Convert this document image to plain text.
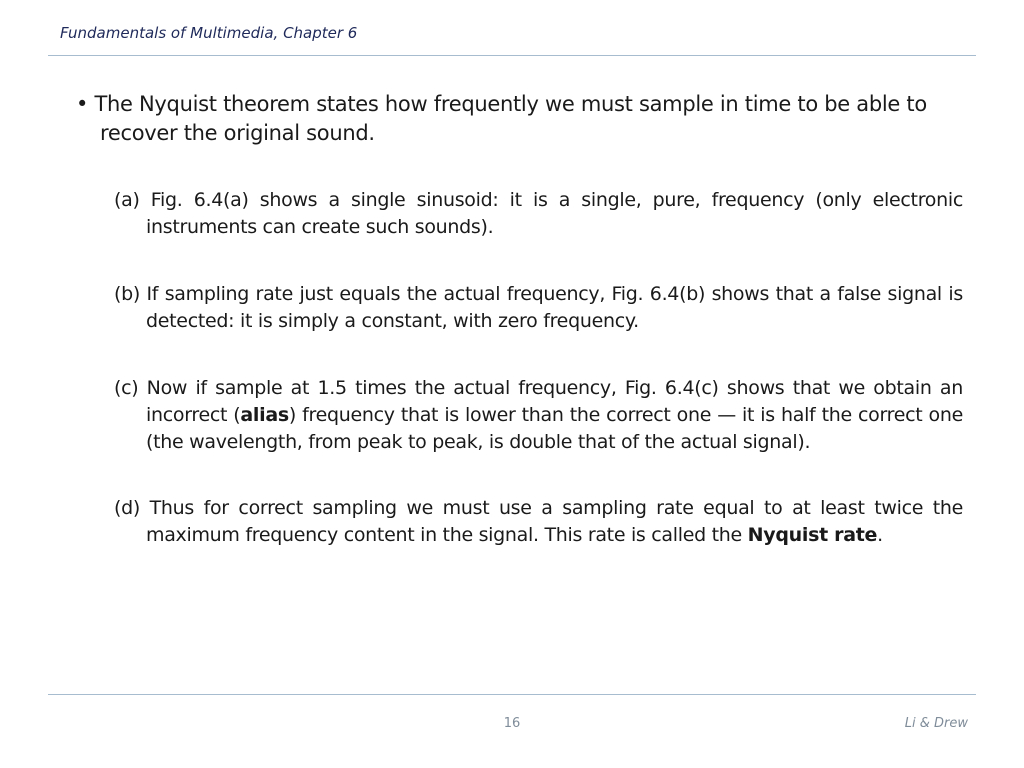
Fundamentals of Multimedia, Chapter 6

• The Nyquist theorem states how frequently we must sample in time to be able to recover the original sound.

(a) Fig. 6.4(a) shows a single sinusoid: it is a single, pure, frequency (only electronic instruments can create such sounds).

(b) If sampling rate just equals the actual frequency, Fig. 6.4(b) shows that a false signal is detected: it is simply a constant, with zero frequency.

(c) Now if sample at 1.5 times the actual frequency, Fig. 6.4(c) shows that we obtain an incorrect (alias) frequency that is lower than the correct one — it is half the correct one (the wavelength, from peak to peak, is double that of the actual signal).

(d) Thus for correct sampling we must use a sampling rate equal to at least twice the maximum frequency content in the signal. This rate is called the Nyquist rate.

16	Li & Drew
